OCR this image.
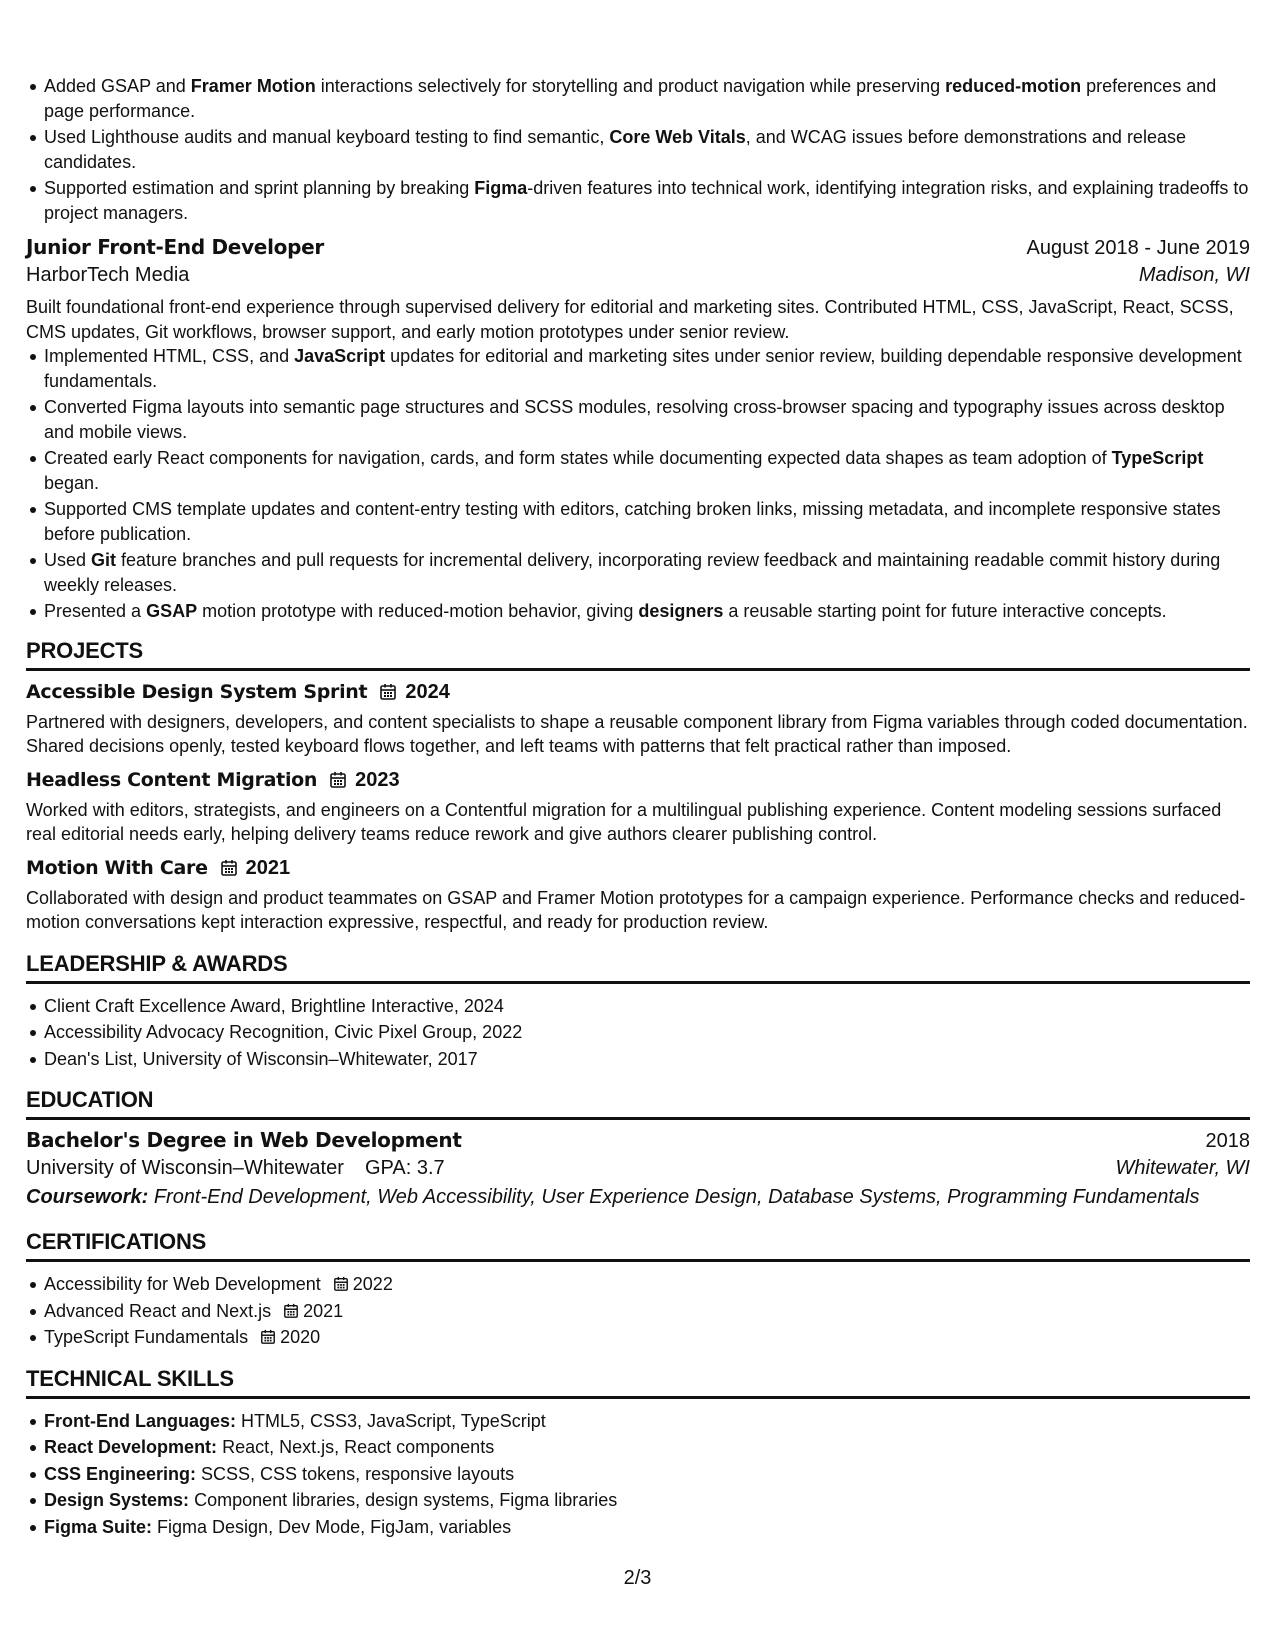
Added GSAP and Framer Motion interactions selectively for storytelling and product navigation while preserving reduced-motion preferences and page performance.
Used Lighthouse audits and manual keyboard testing to find semantic, Core Web Vitals, and WCAG issues before demonstrations and release candidates.
Supported estimation and sprint planning by breaking Figma-driven features into technical work, identifying integration risks, and explaining tradeoffs to project managers.
Junior Front-End Developer	August 2018 - June 2019
HarborTech Media	Madison, WI
Built foundational front-end experience through supervised delivery for editorial and marketing sites. Contributed HTML, CSS, JavaScript, React, SCSS, CMS updates, Git workflows, browser support, and early motion prototypes under senior review.
Implemented HTML, CSS, and JavaScript updates for editorial and marketing sites under senior review, building dependable responsive development fundamentals.
Converted Figma layouts into semantic page structures and SCSS modules, resolving cross-browser spacing and typography issues across desktop and mobile views.
Created early React components for navigation, cards, and form states while documenting expected data shapes as team adoption of TypeScript began.
Supported CMS template updates and content-entry testing with editors, catching broken links, missing metadata, and incomplete responsive states before publication.
Used Git feature branches and pull requests for incremental delivery, incorporating review feedback and maintaining readable commit history during weekly releases.
Presented a GSAP motion prototype with reduced-motion behavior, giving designers a reusable starting point for future interactive concepts.
PROJECTS
Accessible Design System Sprint 2024
Partnered with designers, developers, and content specialists to shape a reusable component library from Figma variables through coded documentation. Shared decisions openly, tested keyboard flows together, and left teams with patterns that felt practical rather than imposed.
Headless Content Migration 2023
Worked with editors, strategists, and engineers on a Contentful migration for a multilingual publishing experience. Content modeling sessions surfaced real editorial needs early, helping delivery teams reduce rework and give authors clearer publishing control.
Motion With Care 2021
Collaborated with design and product teammates on GSAP and Framer Motion prototypes for a campaign experience. Performance checks and reduced-motion conversations kept interaction expressive, respectful, and ready for production review.
LEADERSHIP & AWARDS
Client Craft Excellence Award, Brightline Interactive, 2024
Accessibility Advocacy Recognition, Civic Pixel Group, 2022
Dean's List, University of Wisconsin–Whitewater, 2017
EDUCATION
Bachelor's Degree in Web Development	2018
University of Wisconsin–Whitewater GPA: 3.7	Whitewater, WI
Coursework: Front-End Development, Web Accessibility, User Experience Design, Database Systems, Programming Fundamentals
CERTIFICATIONS
Accessibility for Web Development 2022
Advanced React and Next.js 2021
TypeScript Fundamentals 2020
TECHNICAL SKILLS
Front-End Languages: HTML5, CSS3, JavaScript, TypeScript
React Development: React, Next.js, React components
CSS Engineering: SCSS, CSS tokens, responsive layouts
Design Systems: Component libraries, design systems, Figma libraries
Figma Suite: Figma Design, Dev Mode, FigJam, variables
2/3
